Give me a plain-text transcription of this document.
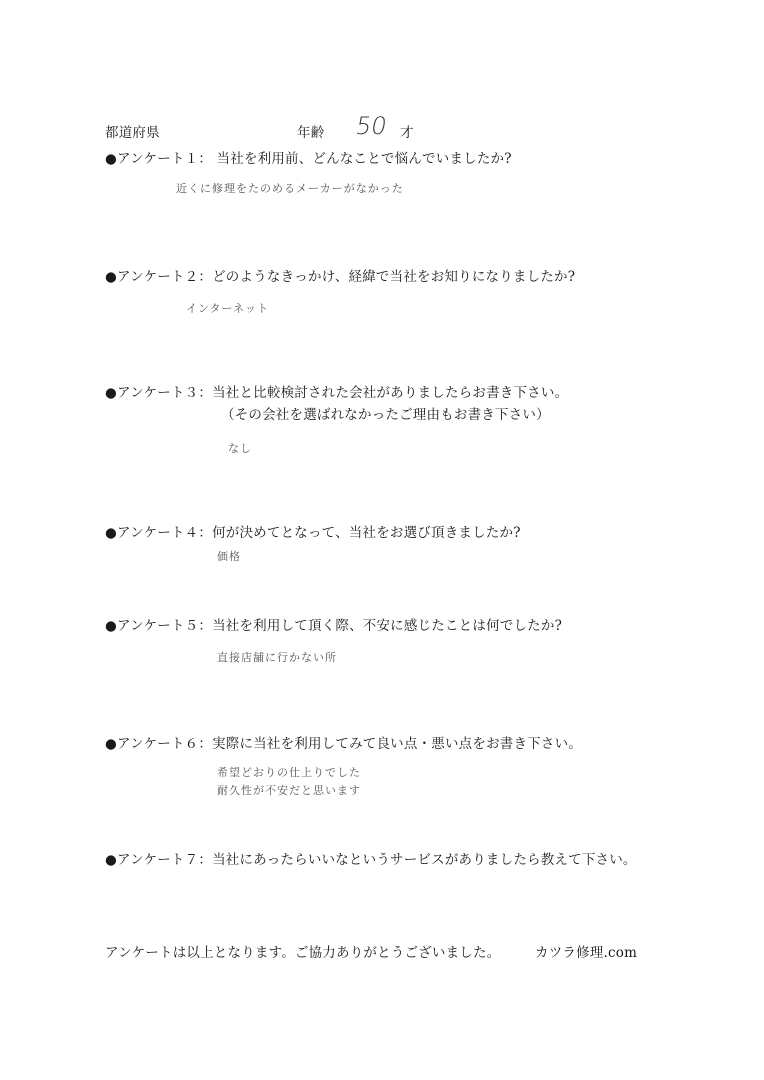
都道府県	年齢 50 才
●アンケート１： 当社を利用前、どんなことで悩んでいましたか?
近くに修理をたのめるメーカーがなかった
●アンケート２：どのようなきっかけ、経緯で当社をお知りになりましたか?
インターネット
●アンケート３：当社と比較検討された会社がありましたらお書き下さい。
（その会社を選ばれなかったご理由もお書き下さい）
なし
●アンケート４：何が決めてとなって、当社をお選び頂きましたか?
価格
●アンケート５：当社を利用して頂く際、不安に感じたことは何でしたか?
直接店舗に行かない所
●アンケート６：実際に当社を利用してみて良い点・悪い点をお書き下さい。
希望どおりの仕上りでした
耐久性が不安だと思います
●アンケート７：当社にあったらいいなというサービスがありましたら教えて下さい。
アンケートは以上となります。ご協力ありがとうございました。	カツラ修理.com
